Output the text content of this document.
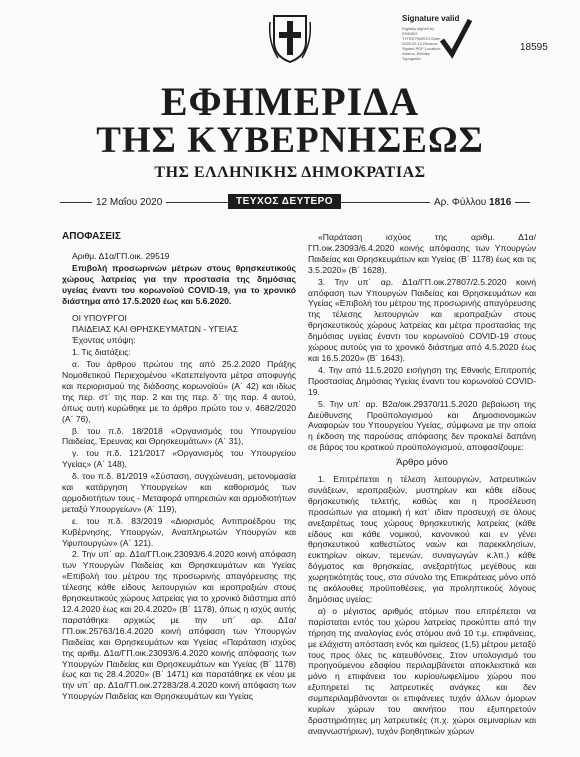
Signature valid
Digitally signed by ΕΘΝΙΚΟ ΤΥΠΟΓΡΑΦΕΙΟ Date: 2020.05.12 Reason: Signed PDF Location: Athens, Ethniko Typografio
18595
ΕΦΗΜΕΡΙΔΑ
ΤΗΣ ΚΥΒΕΡΝΗΣΕΩΣ
ΤΗΣ ΕΛΛΗΝΙΚΗΣ ΔΗΜΟΚΡΑΤΙΑΣ
12 Μαΐου 2020	ΤΕΥΧΟΣ ΔΕΥΤΕΡΟ	Αρ. Φύλλου 1816

ΑΠΟΦΑΣΕΙΣ

Αριθμ. Δ1α/ΓΠ.οικ. 29519

Επιβολή προσωρινών μέτρων στους θρησκευτικούς χώρους λατρείας για την προστασία της δημόσιας υγείας έναντι του κορωνοϊού COVID-19, για το χρονικό διάστημα από 17.5.2020 έως και 5.6.2020.

ΟΙ ΥΠΟΥΡΓΟΙ

ΠΑΙΔΕΙΑΣ ΚΑΙ ΘΡΗΣΚΕΥΜΑΤΩΝ - ΥΓΕΙΑΣ

Έχοντας υπόψη:

1. Τις διατάξεις:

α. Του άρθρου πρώτου της από 25.2.2020 Πράξης Νομοθετικού Περιεχομένου «Κατεπείγοντα μέτρα αποφυγής και περιορισμού της διάδοσης κορωνοϊού» (Α΄ 42) και ιδίως της περ. στ΄ της παρ. 2 και της περ. δ΄ της παρ. 4 αυτού, όπως αυτή κυρώθηκε με το άρθρο πρώτο του ν. 4682/2020 (Α΄ 76),

β. του π.δ. 18/2018 «Οργανισμός του Υπουργείου Παιδείας, Έρευνας και Θρησκευμάτων» (Α΄ 31),

γ. του π.δ. 121/2017 «Οργανισμός του Υπουργείου Υγείας» (Α΄ 148),

δ. του π.δ. 81/2019 «Σύσταση, συγχώνευση, μετονομασία και κατάργηση Υπουργείων και καθορισμός των αρμοδιοτήτων τους - Μεταφορά υπηρεσιών και αρμοδιοτήτων μεταξύ Υπουργείων» (Α΄ 119),

ε. του π.δ. 83/2019 «Διορισμός Αντιπροέδρου της Κυβέρνησης, Υπουργών, Αναπληρωτών Υπουργών και Υφυπουργών» (Α΄ 121).

2. Την υπ΄ αρ. Δ1α/ΓΠ.οικ.23093/6.4.2020 κοινή απόφαση των Υπουργών Παιδείας και Θρησκευμάτων και Υγείας «Επιβολή του μέτρου της προσωρινής απαγόρευσης της τέλεσης κάθε είδους λειτουργιών και ιεροπραξιών στους θρησκευτικούς χώρους λατρείας για το χρονικό διάστημα από 12.4.2020 έως και 20.4.2020» (Β΄ 1178), όπως η ισχύς αυτής παρατάθηκε αρχικώς με την υπ΄ αρ. Δ1α/ΓΠ.οικ.25763/16.4.2020 κοινή απόφαση των Υπουργών Παιδείας και Θρησκευμάτων και Υγείας «Παράταση ισχύος της αριθμ. Δ1α/ΓΠ.οικ.23093/6.4.2020 κοινής απόφασης των Υπουργών Παιδείας και Θρησκευμάτων και Υγείας (Β΄ 1178) έως και τις 28.4.2020» (Β΄ 1471) και παρατάθηκε εκ νέου με την υπ΄ αρ. Δ1α/ΓΠ.οικ.27283/28.4.2020 κοινή απόφαση των Υπουργών Παιδείας και Θρησκευμάτων και Υγείας

«Παράταση ισχύος της αριθμ. Δ1α/ΓΠ.οικ.23093/6.4.2020 κοινής απόφασης των Υπουργών Παιδείας και Θρησκευμάτων και Υγείας (Β΄ 1178) έως και τις 3.5.2020» (Β΄ 1628).

3. Την υπ΄ αρ. Δ1α/ΓΠ.οικ.27807/2.5.2020 κοινή απόφαση των Υπουργών Παιδείας και Θρησκευμάτων και Υγείας «Επιβολή του μέτρου της προσωρινής απαγόρευσης της τέλεσης λειτουργιών και ιεροπραξιών στους θρησκευτικούς χώρους λατρείας και μέτρα προστασίας της δημόσιας υγείας έναντι του κορωνοϊού COVID-19 στους χώρους αυτούς για το χρονικό διάστημα από 4.5.2020 έως και 16.5.2020» (Β΄ 1643).

4. Την από 11.5.2020 εισήγηση της Εθνικής Επιτροπής Προστασίας Δημόσιας Υγείας έναντι του κορωνοϊού COVID-19.

5. Την υπ΄ αρ. Β2α/οικ.29370/11.5.2020 βεβαίωση της Διεύθυνσης Προϋπολογισμού και Δημοσιονομικών Αναφορών του Υπουργείου Υγείας, σύμφωνα με την οποία η έκδοση της παρούσας απόφασης δεν προκαλεί δαπάνη σε βάρος του κρατικού προϋπολογισμού, αποφασίζουμε:

Άρθρο μόνο

1. Επιτρέπεται η τέλεση λειτουργιών, λατρευτικών συνάξεων, ιεροπραξιών, μυστηρίων και κάθε είδους θρησκευτικής τελετής, καθώς και η προσέλευση προσώπων για ατομική ή κατ΄ ιδίαν προσευχή σε όλους ανεξαιρέτως τους χώρους θρησκευτικής λατρείας (κάθε είδους και κάθε νομικού, κανονικού και εν γένει θρησκευτικού καθεστώτος ναών και παρεκκλησίων, ευκτηρίων οίκων, τεμενών, συναγωγών κ.λπ.) κάθε δόγματος και θρησκείας, ανεξαρτήτως μεγέθους και χωρητικότητάς τους, στο σύνολο της Επικράτειας μόνο υπό τις ακόλουθες προϋποθέσεις, για προληπτικούς λόγους δημόσιας υγείας:

α) ο μέγιστος αριθμός ατόμων που επιτρέπεται να παρίσταται εντός του χώρου λατρείας προκύπτει από την τήρηση της αναλογίας ενός ατόμου ανά 10 τ.μ. επιφάνειας, με ελάχιστη απόσταση ενός και ημίσεος (1,5) μέτρου μεταξύ τους προς όλες τις κατευθύνσεις. Στον υπολογισμό του προηγούμενου εδαφίου περιλαμβάνεται αποκλειστικά και μόνο η επιφάνεια του κυρίου/ωφελίμου χώρου που εξυπηρετεί τις λατρευτικές ανάγκες και δεν συμπεριλαμβάνονται οι επιφάνειες τυχόν άλλων όμορων κυρίων χώρων του ακινήτου που εξυπηρετούν δραστηριότητες μη λατρευτικές (π.χ. χώροι σεμιναρίων και αναγνωστήριων), τυχόν βοηθητικών χώρων
